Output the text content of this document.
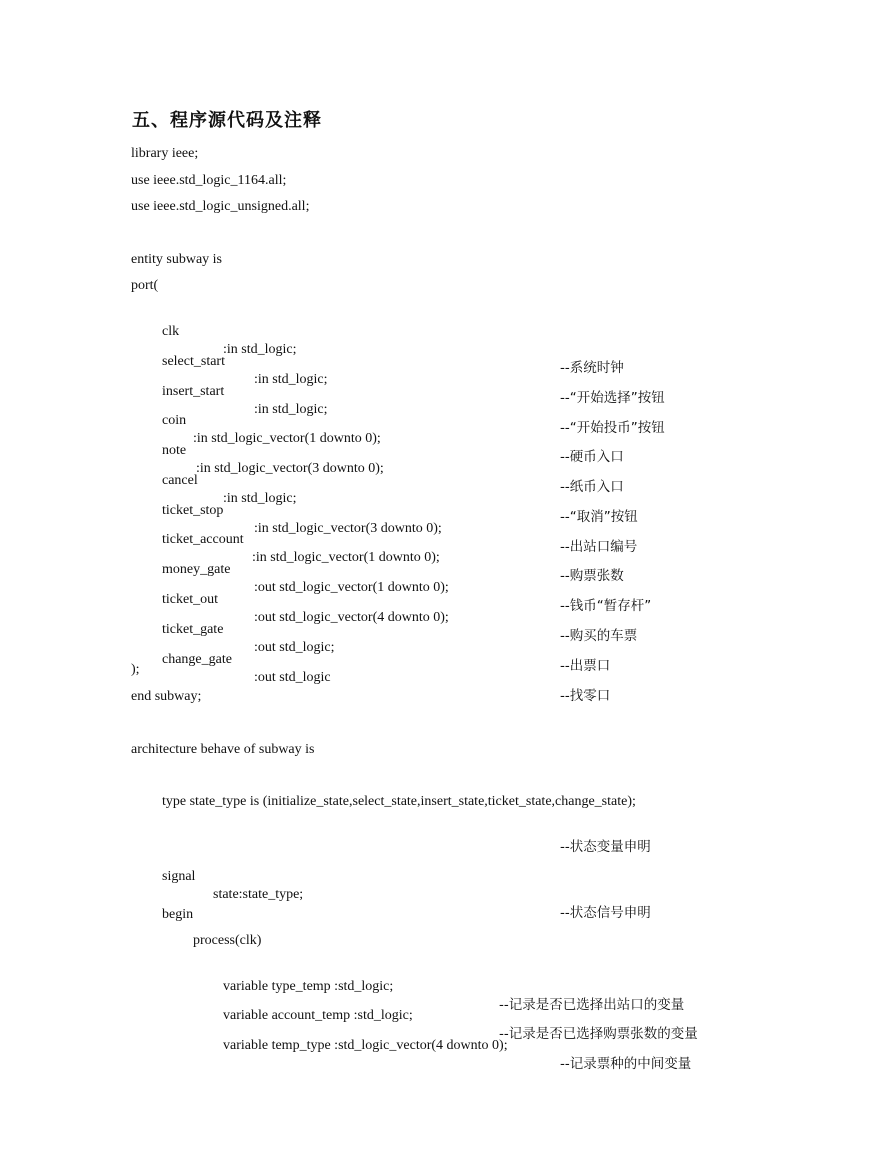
五、程序源代码及注释
library ieee;
use ieee.std_logic_1164.all;
use ieee.std_logic_unsigned.all;
entity subway is
port(

clk

:in std_logic;

--系统时钟

select_start

:in std_logic;

--“开始选择”按钮

insert_start

:in std_logic;

--“开始投币”按钮

coin

:in std_logic_vector(1 downto 0);

--硬币入口

note

:in std_logic_vector(3 downto 0);

--纸币入口

cancel

:in std_logic;

--“取消”按钮

ticket_stop

:in std_logic_vector(3 downto 0);

--出站口编号

ticket_account

:in std_logic_vector(1 downto 0);

--购票张数

money_gate

:out std_logic_vector(1 downto 0);

--钱币“暂存杆”

ticket_out

:out std_logic_vector(4 downto 0);

--购买的车票

ticket_gate

:out std_logic;

--出票口

change_gate

:out std_logic

--找零口

);
end subway;
architecture behave of subway is
type state_type is (initialize_state,select_state,insert_state,ticket_state,change_state);

--状态变量申明

signal

state:state_type;

--状态信号申明

begin
process(clk)

variable type_temp :std_logic;

--记录是否已选择出站口的变量

variable account_temp :std_logic;

--记录是否已选择购票张数的变量

variable temp_type :std_logic_vector(4 downto 0);

--记录票种的中间变量
